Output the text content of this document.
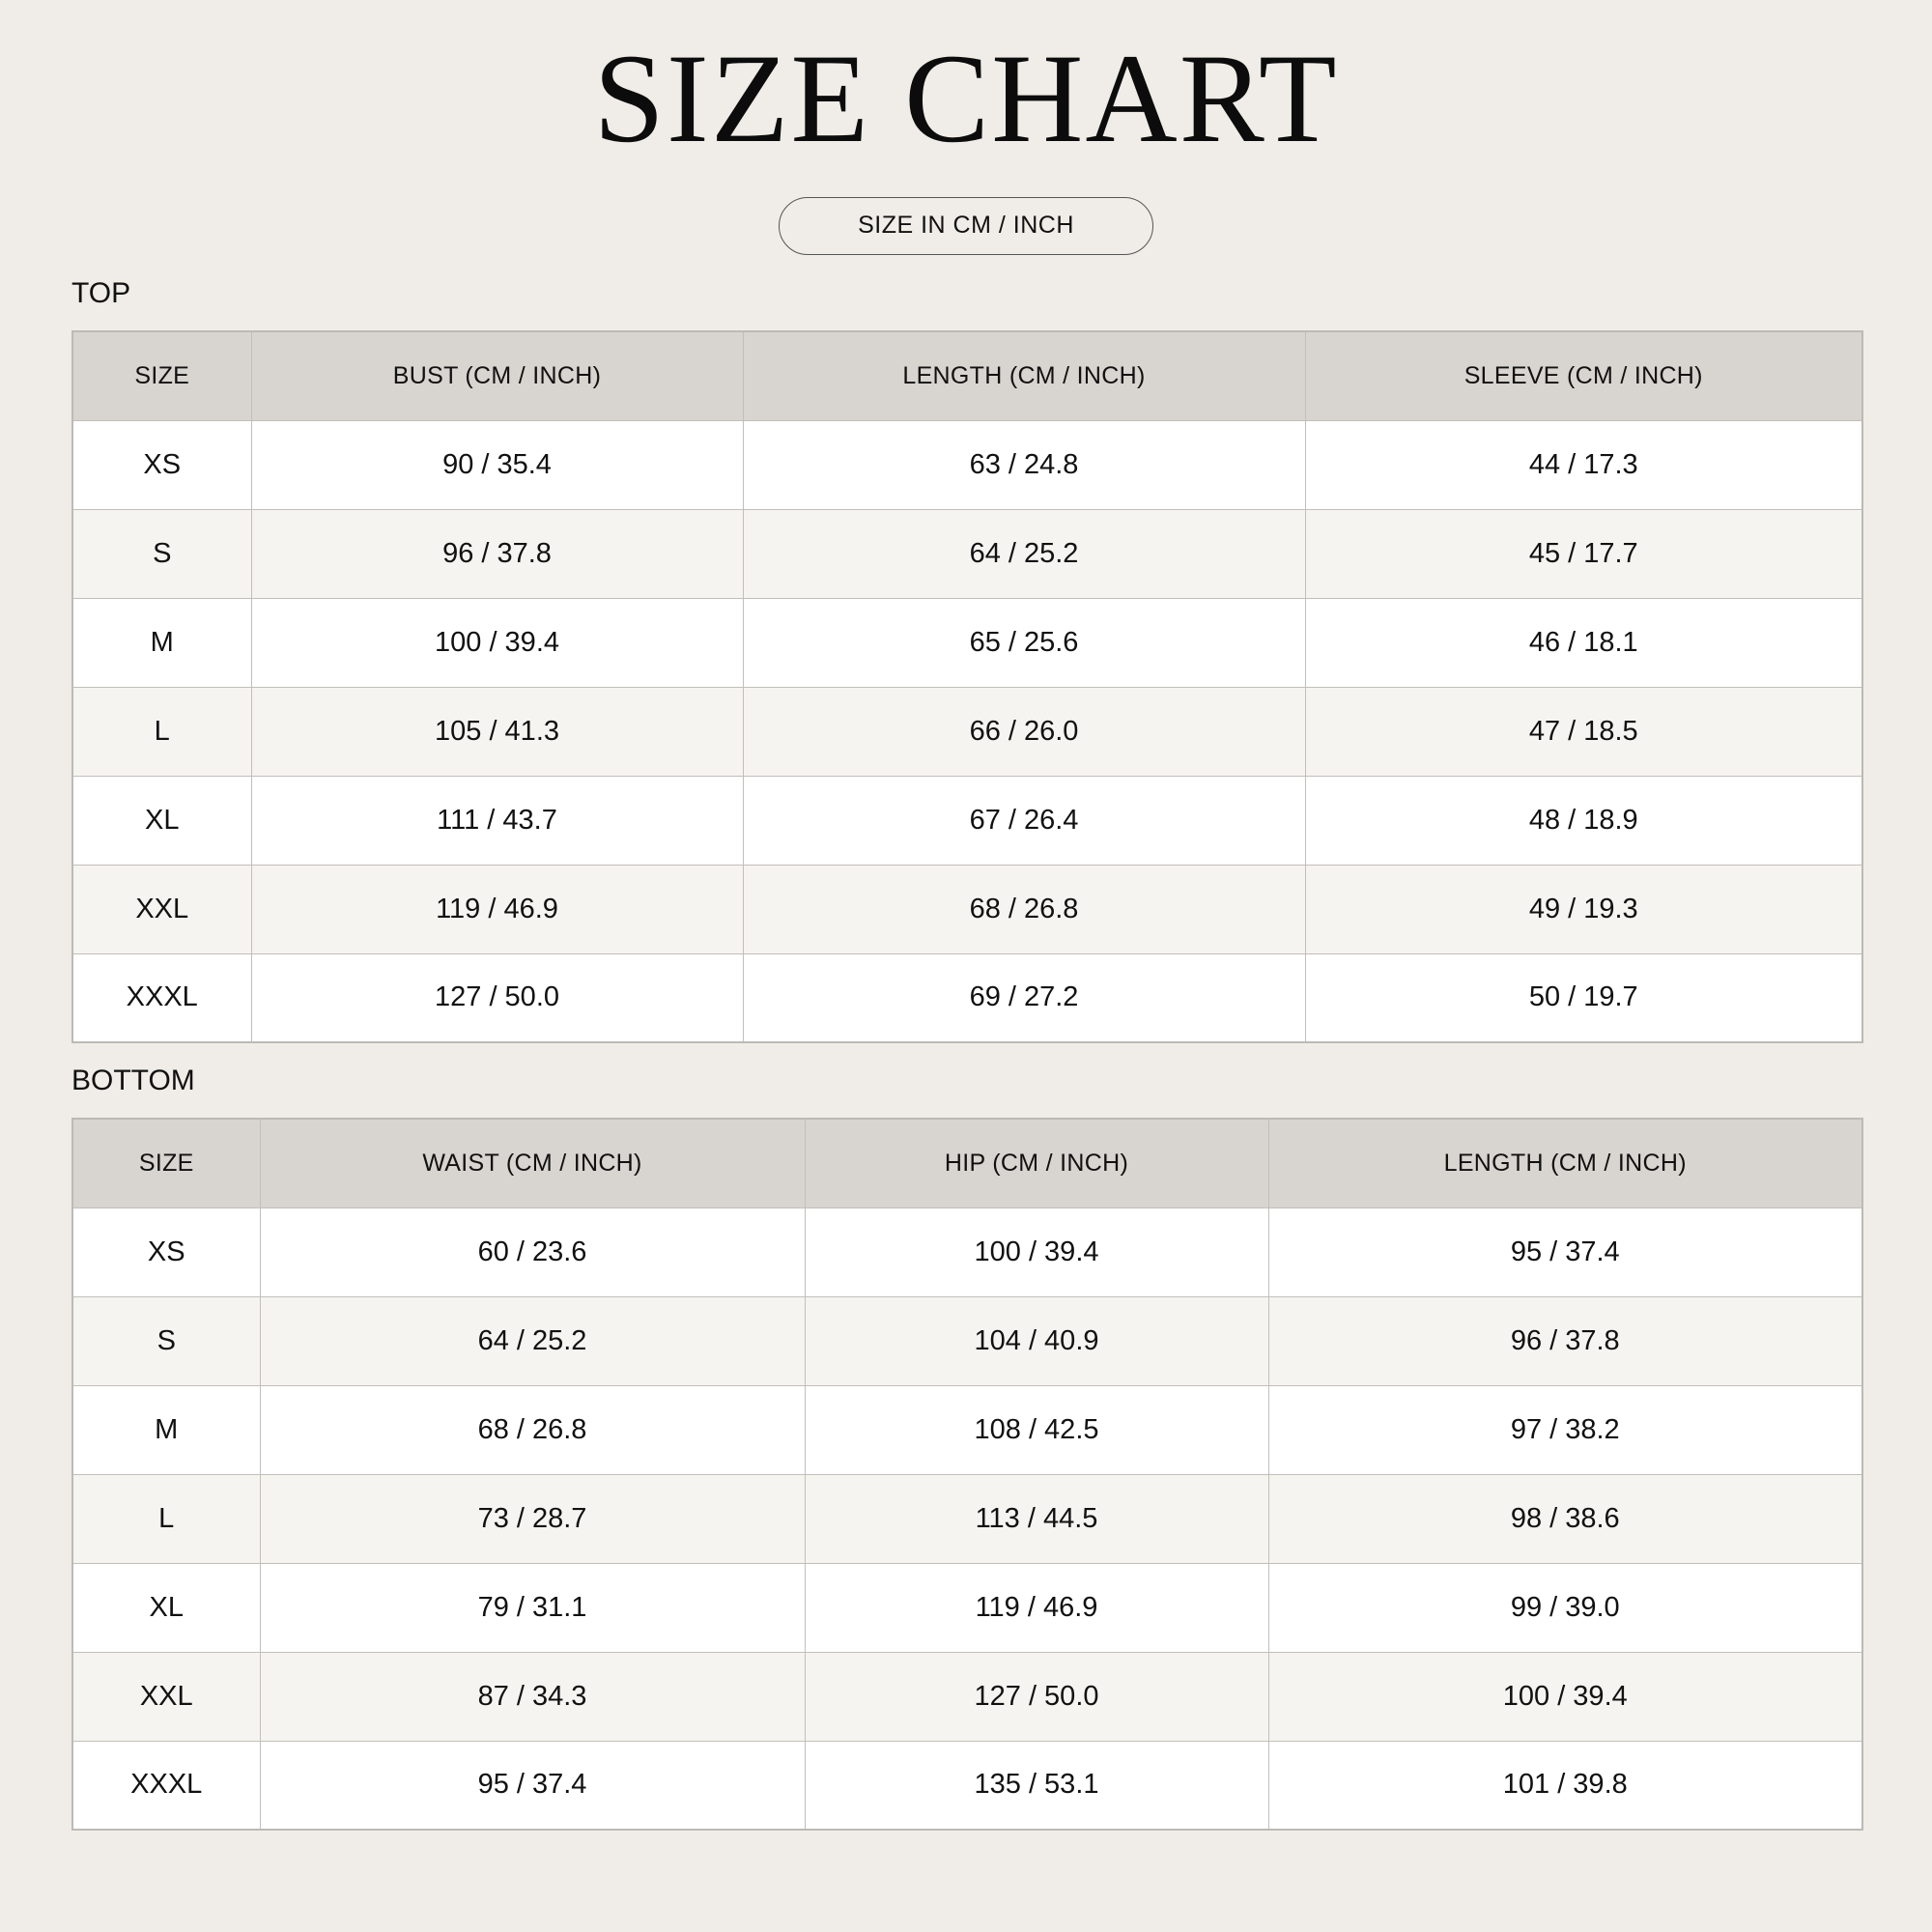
SIZE CHART
SIZE IN CM / INCH
TOP
SIZE	BUST (CM / INCH)	LENGTH (CM / INCH)	SLEEVE (CM / INCH)
XS	90 / 35.4	63 / 24.8	44 / 17.3
S	96 / 37.8	64 / 25.2	45 / 17.7
M	100 / 39.4	65 / 25.6	46 / 18.1
L	105 / 41.3	66 / 26.0	47 / 18.5
XL	111 / 43.7	67 / 26.4	48 / 18.9
XXL	119 / 46.9	68 / 26.8	49 / 19.3
XXXL	127 / 50.0	69 / 27.2	50 / 19.7
BOTTOM
SIZE	WAIST (CM / INCH)	HIP (CM / INCH)	LENGTH (CM / INCH)
XS	60 / 23.6	100 / 39.4	95 / 37.4
S	64 / 25.2	104 / 40.9	96 / 37.8
M	68 / 26.8	108 / 42.5	97 / 38.2
L	73 / 28.7	113 / 44.5	98 / 38.6
XL	79 / 31.1	119 / 46.9	99 / 39.0
XXL	87 / 34.3	127 / 50.0	100 / 39.4
XXXL	95 / 37.4	135 / 53.1	101 / 39.8
